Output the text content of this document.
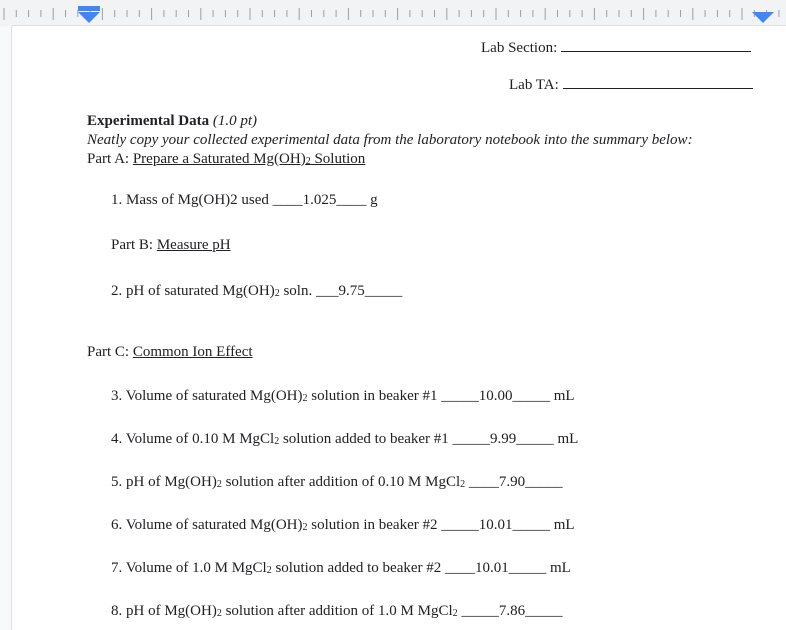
Lab Section:
Lab TA:
Experimental Data (1.0 pt)
Neatly copy your collected experimental data from the laboratory notebook into the summary below:
Part A: Prepare a Saturated Mg(OH)2 Solution
1. Mass of Mg(OH)2 used ____1.025____ g
Part B: Measure pH
2. pH of saturated Mg(OH)2 soln. ___9.75_____
Part C: Common Ion Effect
3. Volume of saturated Mg(OH)2 solution in beaker #1 _____10.00_____ mL
4. Volume of 0.10 M MgCl2 solution added to beaker #1 _____9.99_____ mL
5. pH of Mg(OH)2 solution after addition of 0.10 M MgCl2 ____7.90_____
6. Volume of saturated Mg(OH)2 solution in beaker #2 _____10.01_____ mL
7. Volume of 1.0 M MgCl2 solution added to beaker #2 ____10.01_____ mL
8. pH of Mg(OH)2 solution after addition of 1.0 M MgCl2 _____7.86_____
